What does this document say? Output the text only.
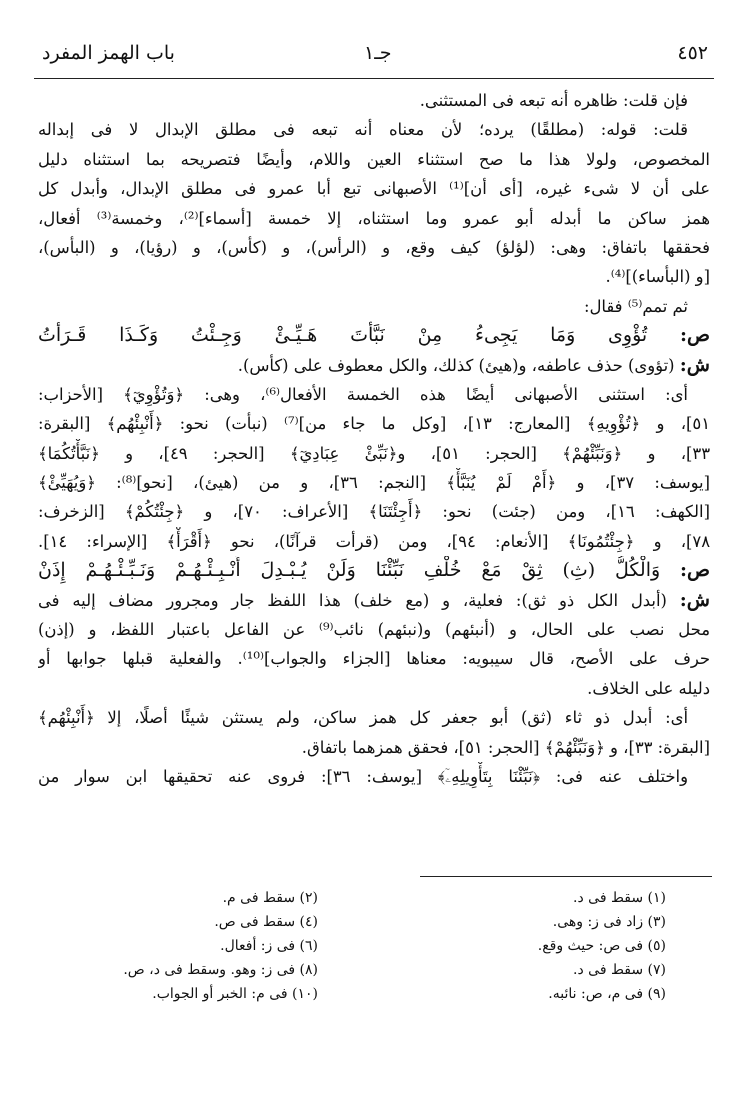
٤٥٢
جـ١
باب الهمز المفرد
فإن قلت: ظاهره أنه تبعه فى المستثنى.
قلت: قوله: (مطلقًا) يرده؛ لأن معناه أنه تبعه فى مطلق الإبدال لا فى إبداله
المخصوص، ولولا هذا ما صح استثناء العين واللام، وأيضًا فتصريحه بما استثناه دليل
على أن لا شىء غيره، [أى أن]⁽¹⁾ الأصبهانى تبع أبا عمرو فى مطلق الإبدال، وأبدل كل
همز ساكن ما أبدله أبو عمرو وما استثناه، إلا خمسة [أسماء]⁽²⁾، وخمسة⁽³⁾ أفعال،
فحققها باتفاق: وهى: (لؤلؤ) كيف وقع، و (الرأس)، و (كأس)، و (رؤيا)، و (البأس)،
[و (البأساء)]⁽⁴⁾.
ثم تمم⁽⁵⁾ فقال:
ص: تُؤْوِى وَمَا يَجِىءُ مِنْ نَبَّأْتَ هَـيِّـئْ وَجِـئْتُ وَكَـذَا قَـرَأْتُ
ش: (تؤوى) حذف عاطفه، و(هيئ) كذلك، والكل معطوف على (كأس).
أى: استثنى الأصبهانى أيضًا هذه الخمسة الأفعال⁽⁶⁾، وهى: ﴿وَتُؤْوِيٓ﴾ [الأحزاب:
٥١]، و ﴿تُؤْوِيهِ﴾ [المعارج: ١٣]، [وكل ما جاء من]⁽⁷⁾ (نبأت) نحو: ﴿أَنْبِئْهُم﴾ [البقرة:
٣٣]، و ﴿وَنَبِّئْهُمْ﴾ [الحجر: ٥١]، و﴿نَبِّئْ عِبَادِيٓ﴾ [الحجر: ٤٩]، و ﴿نَبَّأْتُكُمَا﴾
[يوسف: ٣٧]، و ﴿أَمْ لَمْ يُنَبَّأْ﴾ [النجم: ٣٦]، و من (هيئ)، [نحو]⁽⁸⁾: ﴿وَيُهَيِّئْ﴾
[الكهف: ١٦]، ومن (جئت) نحو: ﴿أَجِئْتَنَا﴾ [الأعراف: ٧٠]، و ﴿جِئْتُكُمْ﴾ [الزخرف:
٧٨]، و ﴿جِئْتُمُونَا﴾ [الأنعام: ٩٤]، ومن (قرأت قرآنًا)، نحو ﴿أَقْرَأْ﴾ [الإسراء: ١٤].
ص: وَالْكُلُّ (ثِ) ثِقْ مَعْ خُلْفِ نَبِّئْنَا وَلَنْ يُـبْـدِلَ أَنْـبِـئْـهُـمْ وَنَـبِّـئْـهُـمْ إِذَنْ
ش: (أبدل الكل ذو ثق): فعلية، و (مع خلف) هذا اللفظ جار ومجرور مضاف إليه فى
محل نصب على الحال، و (أنبئهم) و(نبئهم) نائب⁽⁹⁾ عن الفاعل باعتبار اللفظ، و (إذن)
حرف على الأصح، قال سيبويه: معناها [الجزاء والجواب]⁽¹⁰⁾. والفعلية قبلها جوابها أو
دليله على الخلاف.
أى: أبدل ذو ثاء (ثق) أبو جعفر كل همز ساكن، ولم يستثن شيئًا أصلًا، إلا ﴿أَنْبِئْهُم﴾
[البقرة: ٣٣]، و ﴿وَنَبِّئْهُمْ﴾ [الحجر: ٥١]، فحقق همزهما باتفاق.
واختلف عنه فى: ﴿نَبِّئْنَا بِتَأْوِيلِهِۦٓ﴾ [يوسف: ٣٦]: فروى عنه تحقيقها ابن سوار من
(١) سقط فى د.
(٢) سقط فى م.
(٣) زاد فى ز: وهى.
(٤) سقط فى ص.
(٥) فى ص: حيث وقع.
(٦) فى ز: أفعال.
(٧) سقط فى د.
(٨) فى ز: وهو. وسقط فى د، ص.
(٩) فى م، ص: نائبه.
(١٠) فى م: الخبر أو الجواب.
